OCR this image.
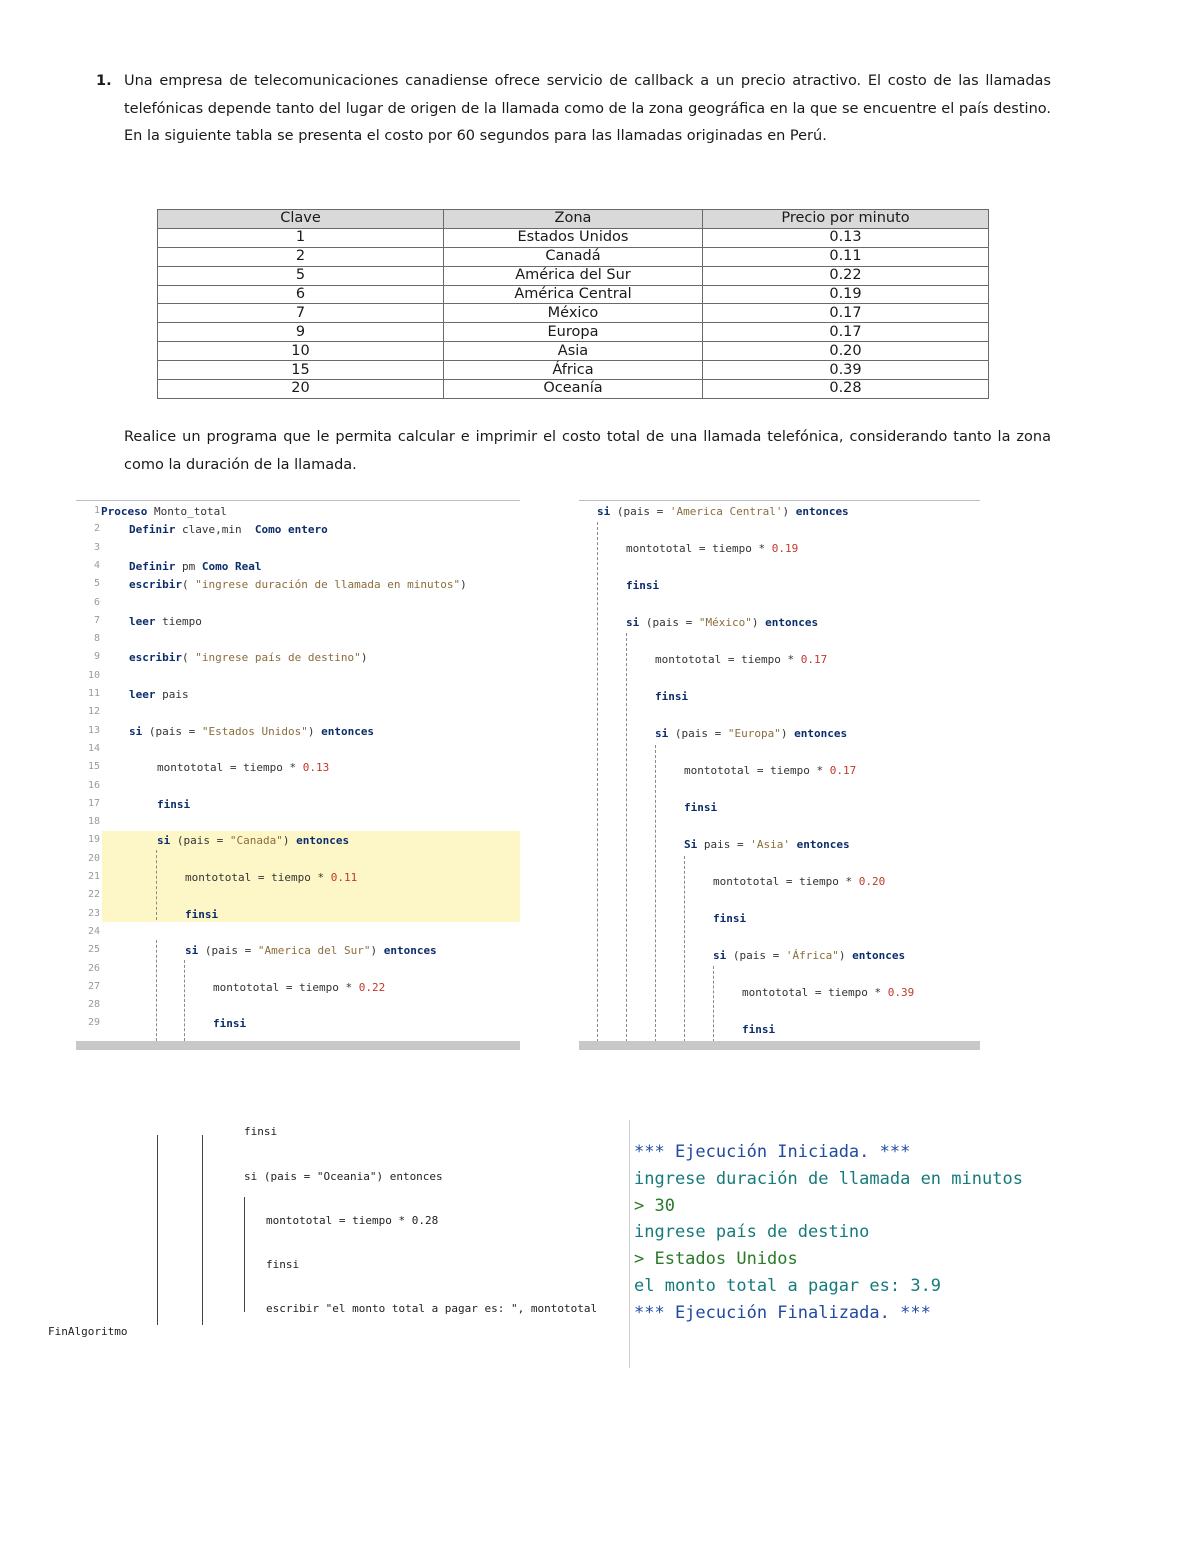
1. Una empresa de telecomunicaciones canadiense ofrece servicio de callback a un precio atractivo. El costo de las llamadas telefónicas depende tanto del lugar de origen de la llamada como de la zona geográfica en la que se encuentre el país destino. En la siguiente tabla se presenta el costo por 60 segundos para las llamadas originadas en Perú.
Realice un programa que le permita calcular e imprimir el costo total de una llamada telefónica, considerando tanto la zona como la duración de la llamada.
Clave	Zona	Precio por minuto
1	Estados Unidos	0.13
2	Canadá	0.11
5	América del Sur	0.22
6	América Central	0.19
7	México	0.17
9	Europa	0.17
10	Asia	0.20
15	África	0.39
20	Oceanía	0.28
1 Proceso Monto_total
2	Definir clave,min  Como entero
3
4	Definir pm Como Real
5	escribir( "ingrese duración de llamada en minutos")
6
7	leer tiempo
8
9	escribir( "ingrese país de destino")
10
11	leer pais
12
13	si (pais = "Estados Unidos") entonces
14
15	montototal = tiempo * 0.13
16
17	finsi
18
19	si (pais = "Canada") entonces
20
21	montototal = tiempo * 0.11
22
23	finsi
24
25	si (pais = "America del Sur") entonces
26
27	montototal = tiempo * 0.22
28
29	finsi
si (pais = 'America Central') entonces
montototal = tiempo * 0.19
finsi
si (pais = "México") entonces
montototal = tiempo * 0.17
finsi
si (pais = "Europa") entonces
montototal = tiempo * 0.17
finsi
Si pais = 'Asia' entonces
montototal = tiempo * 0.20
finsi
si (pais = 'África") entonces
montototal = tiempo * 0.39
finsi
finsi
si (pais = "Oceania") entonces
montototal = tiempo * 0.28
finsi
escribir "el monto total a pagar es: ", montototal
FinAlgoritmo
*** Ejecución Iniciada. ***
ingrese duración de llamada en minutos
> 30
ingrese país de destino
> Estados Unidos
el monto total a pagar es: 3.9
*** Ejecución Finalizada. ***
